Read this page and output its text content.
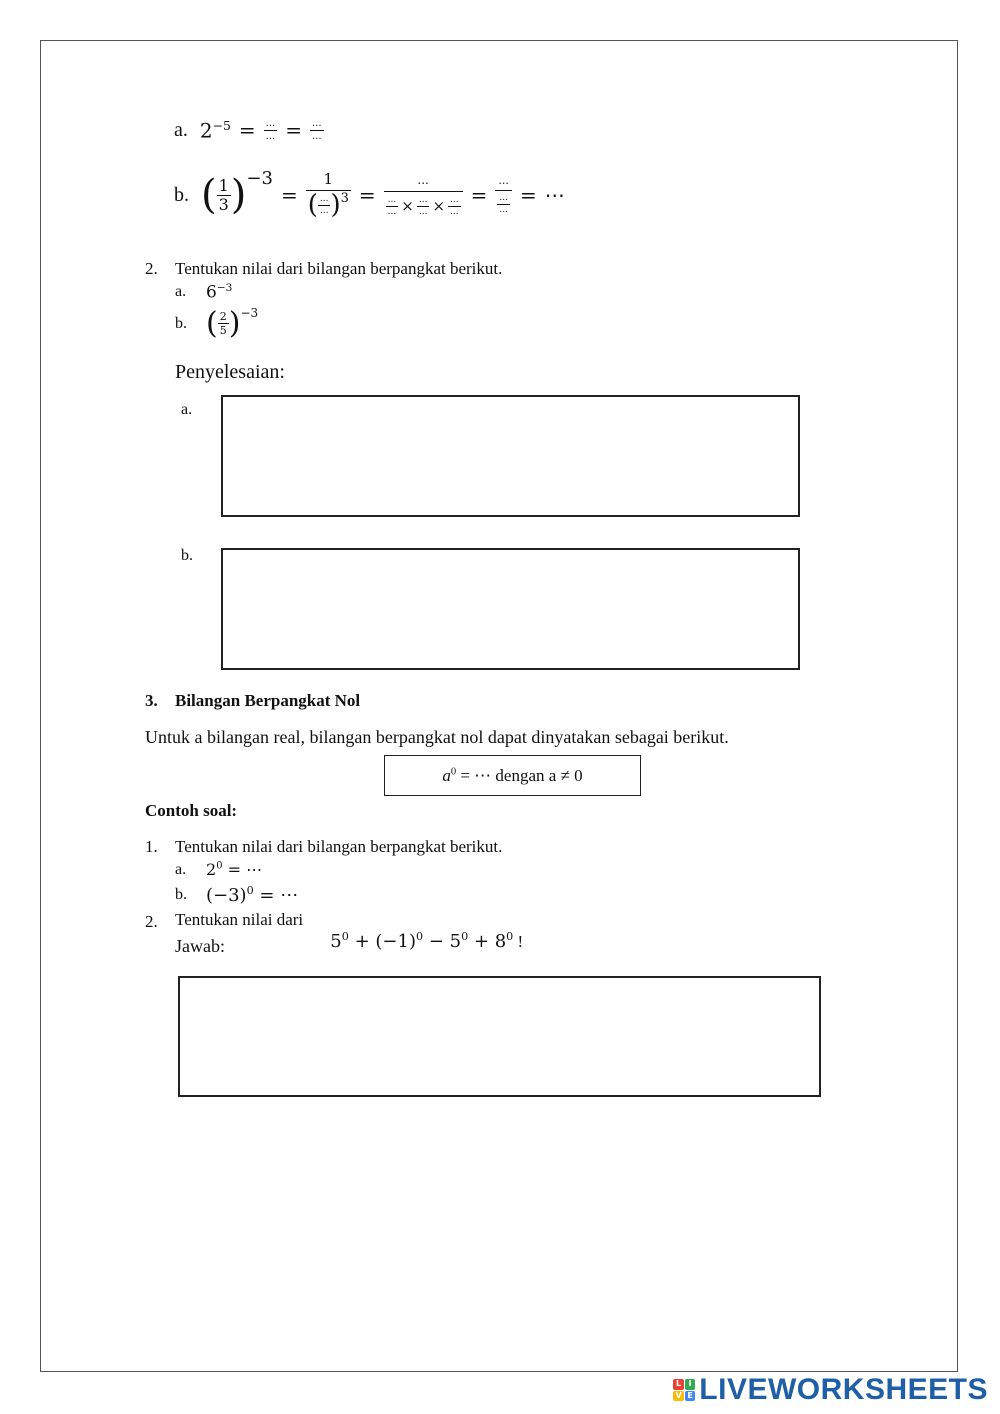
a. $2^{-5} = \frac{...}{...} = \frac{...}{...}$
b. ( $\frac{1}{3}$ ) −3
= $\frac{1}{( \frac{...}{...} ) 3} = \frac{...}{\frac{...}{...} \times \frac{...}{...} \times \frac{...}{...}} = \frac{...}{\frac{...}{...}}$ = ⋯
2. Tentukan nilai dari bilangan berpangkat berikut.
a.	$6^{-3}$
b. ( $\frac{2}{5}$ ) −3
Penyelesaian:
a.
b.
3. Bilangan Berpangkat Nol
Untuk a bilangan real, bilangan berpangkat nol dapat dinyatakan sebagai berikut.
$a^0$ = ⋯ dengan a ≠ 0
Contoh soal:
1. Tentukan nilai dari bilangan berpangkat berikut.
a.	$2^0$ = ⋯
b.	$(-3)^0$ = ⋯
2. Tentukan nilai dari

$5^0 + (-1)^0 - 5^0 + 8^0$ !

Jawab:
L I
V E LIVEWORKSHEETS
